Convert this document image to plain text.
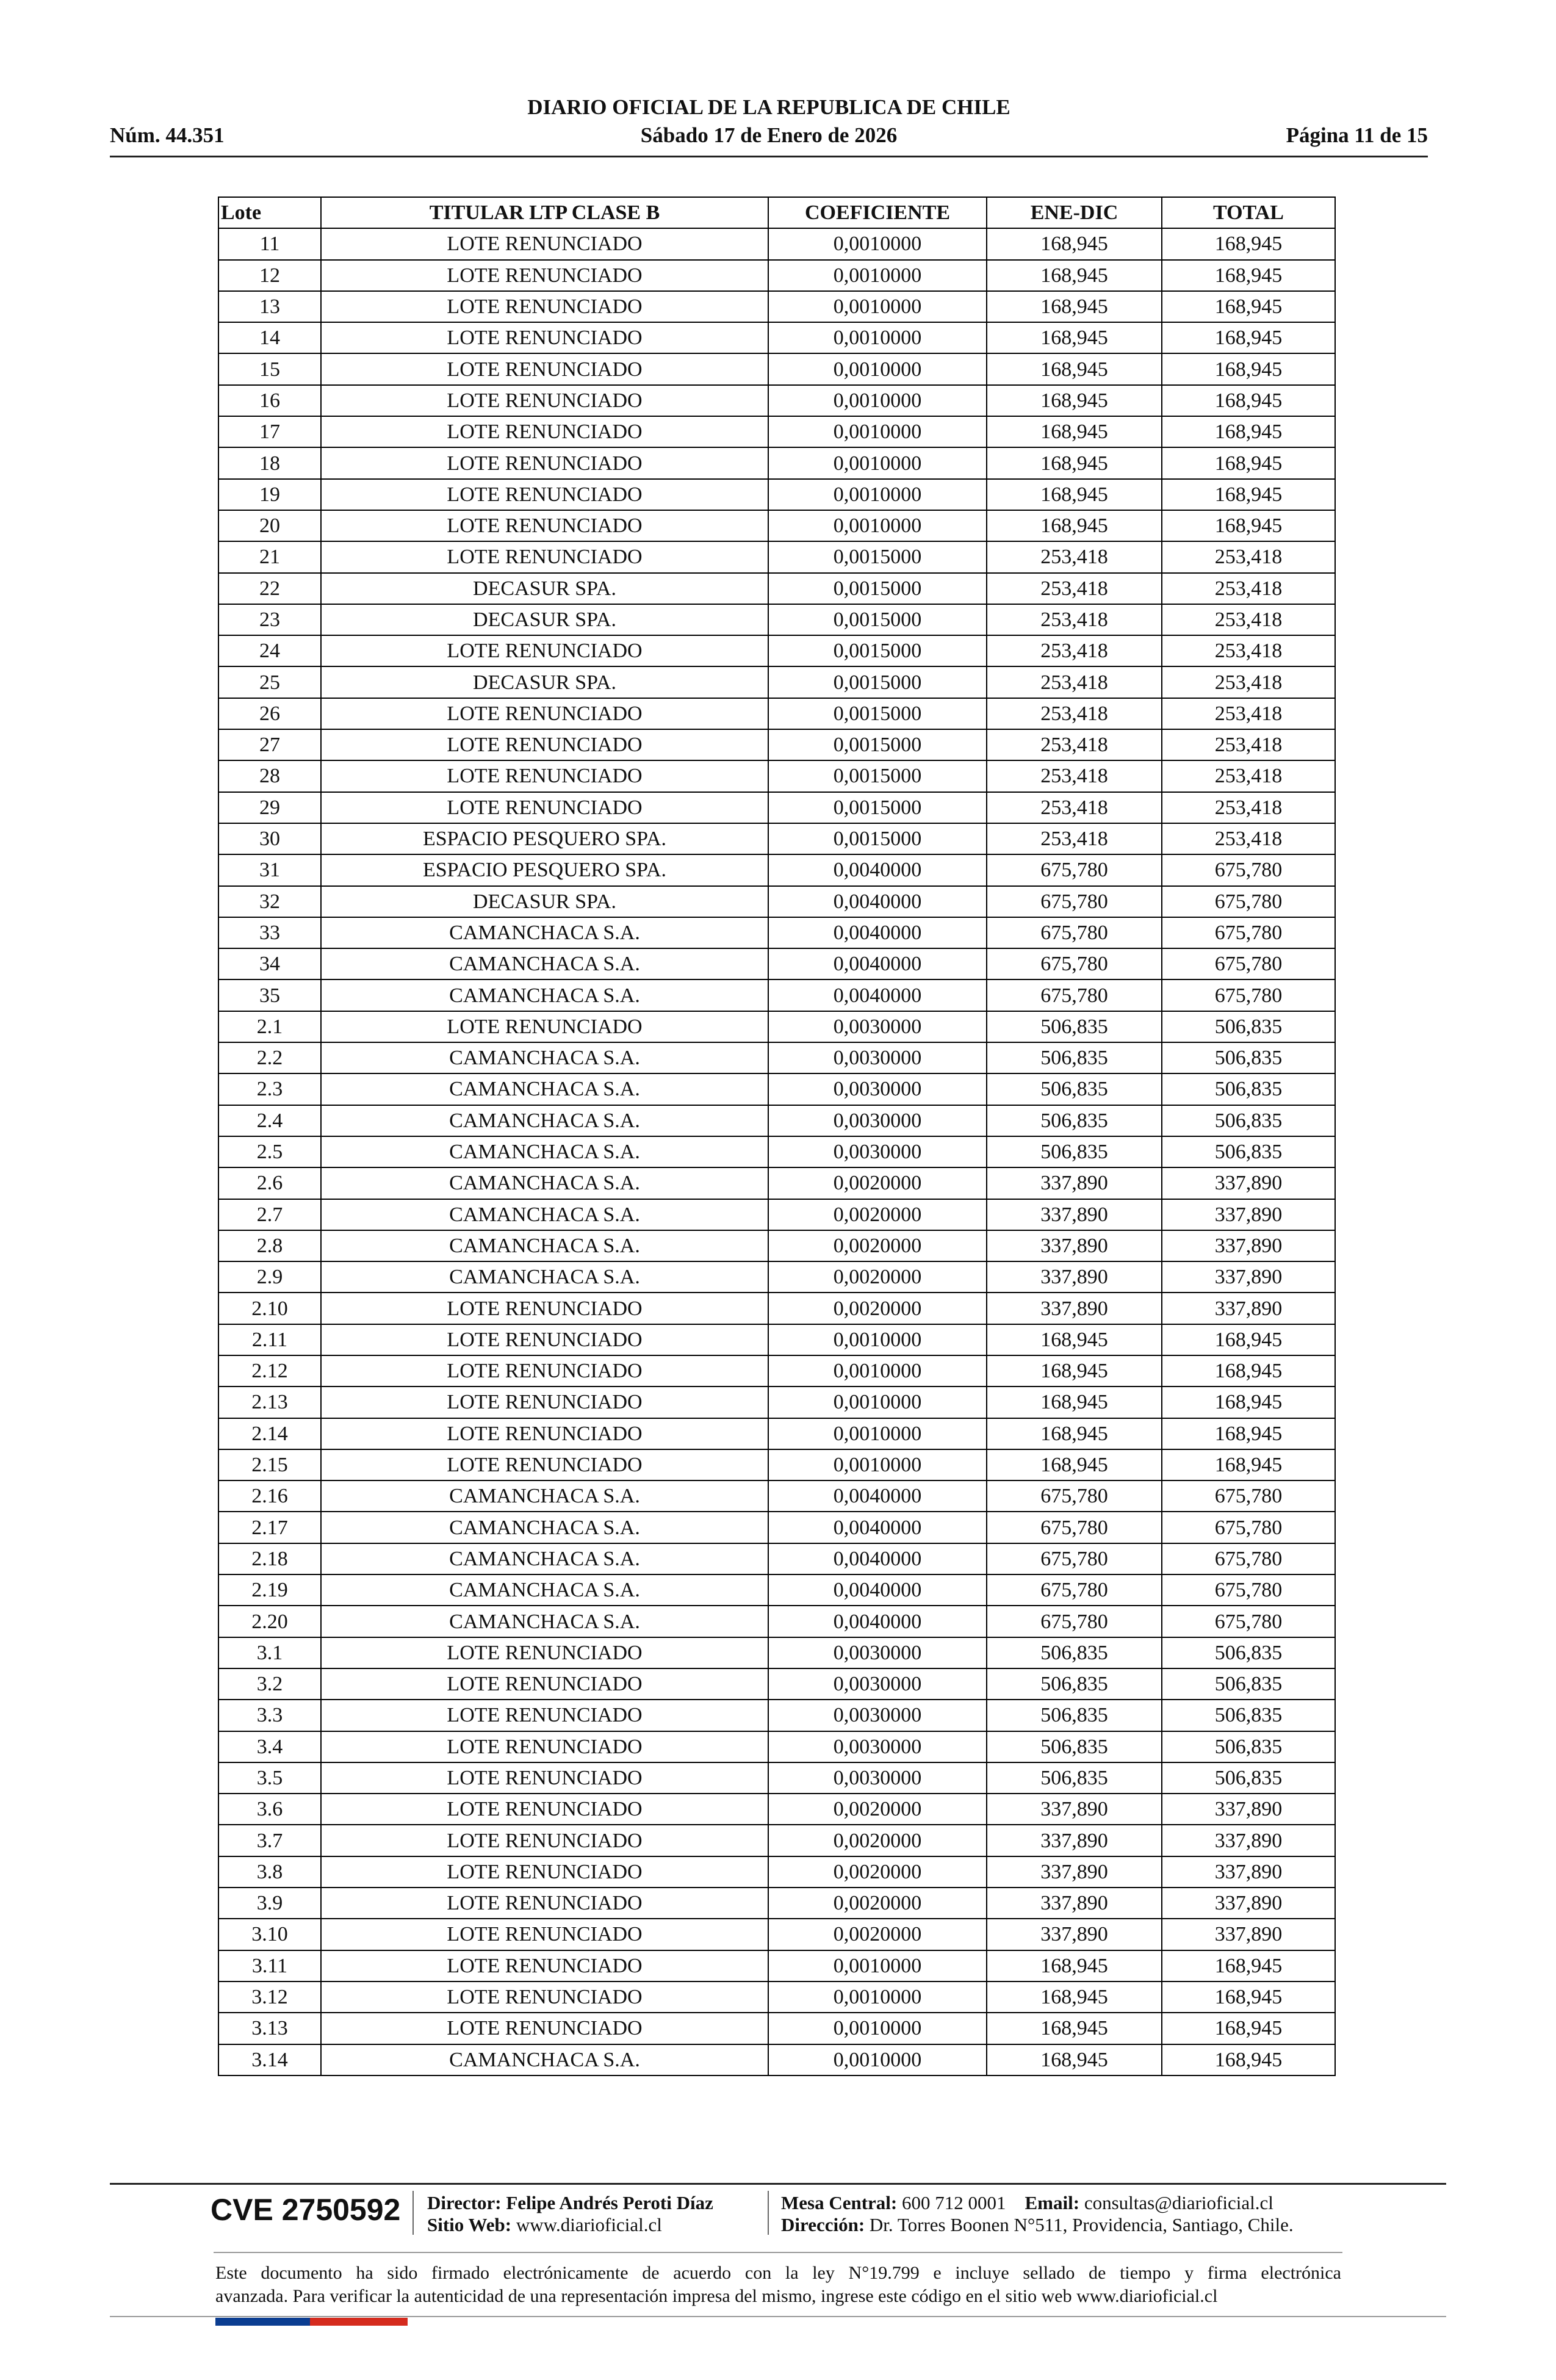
DIARIO OFICIAL DE LA REPUBLICA DE CHILE
Núm. 44.351	Sábado 17 de Enero de 2026	Página 11 de 15
Lote	TITULAR LTP CLASE B	COEFICIENTE	ENE-DIC	TOTAL
11	LOTE RENUNCIADO	0,0010000	168,945	168,945
12	LOTE RENUNCIADO	0,0010000	168,945	168,945
13	LOTE RENUNCIADO	0,0010000	168,945	168,945
14	LOTE RENUNCIADO	0,0010000	168,945	168,945
15	LOTE RENUNCIADO	0,0010000	168,945	168,945
16	LOTE RENUNCIADO	0,0010000	168,945	168,945
17	LOTE RENUNCIADO	0,0010000	168,945	168,945
18	LOTE RENUNCIADO	0,0010000	168,945	168,945
19	LOTE RENUNCIADO	0,0010000	168,945	168,945
20	LOTE RENUNCIADO	0,0010000	168,945	168,945
21	LOTE RENUNCIADO	0,0015000	253,418	253,418
22	DECASUR SPA.	0,0015000	253,418	253,418
23	DECASUR SPA.	0,0015000	253,418	253,418
24	LOTE RENUNCIADO	0,0015000	253,418	253,418
25	DECASUR SPA.	0,0015000	253,418	253,418
26	LOTE RENUNCIADO	0,0015000	253,418	253,418
27	LOTE RENUNCIADO	0,0015000	253,418	253,418
28	LOTE RENUNCIADO	0,0015000	253,418	253,418
29	LOTE RENUNCIADO	0,0015000	253,418	253,418
30	ESPACIO PESQUERO SPA.	0,0015000	253,418	253,418
31	ESPACIO PESQUERO SPA.	0,0040000	675,780	675,780
32	DECASUR SPA.	0,0040000	675,780	675,780
33	CAMANCHACA S.A.	0,0040000	675,780	675,780
34	CAMANCHACA S.A.	0,0040000	675,780	675,780
35	CAMANCHACA S.A.	0,0040000	675,780	675,780
2.1	LOTE RENUNCIADO	0,0030000	506,835	506,835
2.2	CAMANCHACA S.A.	0,0030000	506,835	506,835
2.3	CAMANCHACA S.A.	0,0030000	506,835	506,835
2.4	CAMANCHACA S.A.	0,0030000	506,835	506,835
2.5	CAMANCHACA S.A.	0,0030000	506,835	506,835
2.6	CAMANCHACA S.A.	0,0020000	337,890	337,890
2.7	CAMANCHACA S.A.	0,0020000	337,890	337,890
2.8	CAMANCHACA S.A.	0,0020000	337,890	337,890
2.9	CAMANCHACA S.A.	0,0020000	337,890	337,890
2.10	LOTE RENUNCIADO	0,0020000	337,890	337,890
2.11	LOTE RENUNCIADO	0,0010000	168,945	168,945
2.12	LOTE RENUNCIADO	0,0010000	168,945	168,945
2.13	LOTE RENUNCIADO	0,0010000	168,945	168,945
2.14	LOTE RENUNCIADO	0,0010000	168,945	168,945
2.15	LOTE RENUNCIADO	0,0010000	168,945	168,945
2.16	CAMANCHACA S.A.	0,0040000	675,780	675,780
2.17	CAMANCHACA S.A.	0,0040000	675,780	675,780
2.18	CAMANCHACA S.A.	0,0040000	675,780	675,780
2.19	CAMANCHACA S.A.	0,0040000	675,780	675,780
2.20	CAMANCHACA S.A.	0,0040000	675,780	675,780
3.1	LOTE RENUNCIADO	0,0030000	506,835	506,835
3.2	LOTE RENUNCIADO	0,0030000	506,835	506,835
3.3	LOTE RENUNCIADO	0,0030000	506,835	506,835
3.4	LOTE RENUNCIADO	0,0030000	506,835	506,835
3.5	LOTE RENUNCIADO	0,0030000	506,835	506,835
3.6	LOTE RENUNCIADO	0,0020000	337,890	337,890
3.7	LOTE RENUNCIADO	0,0020000	337,890	337,890
3.8	LOTE RENUNCIADO	0,0020000	337,890	337,890
3.9	LOTE RENUNCIADO	0,0020000	337,890	337,890
3.10	LOTE RENUNCIADO	0,0020000	337,890	337,890
3.11	LOTE RENUNCIADO	0,0010000	168,945	168,945
3.12	LOTE RENUNCIADO	0,0010000	168,945	168,945
3.13	LOTE RENUNCIADO	0,0010000	168,945	168,945
3.14	CAMANCHACA S.A.	0,0010000	168,945	168,945
CVE 2750592 Director: Felipe Andrés Peroti Díaz
Sitio Web: www.diarioficial.cl
Mesa Central: 600 712 0001 Email: consultas@diarioficial.cl
Dirección: Dr. Torres Boonen N°511, Providencia, Santiago, Chile.
Este documento ha sido firmado electrónicamente de acuerdo con la ley N°19.799 e incluye sellado de tiempo y firma electrónica
avanzada. Para verificar la autenticidad de una representación impresa del mismo, ingrese este código en el sitio web www.diarioficial.cl
